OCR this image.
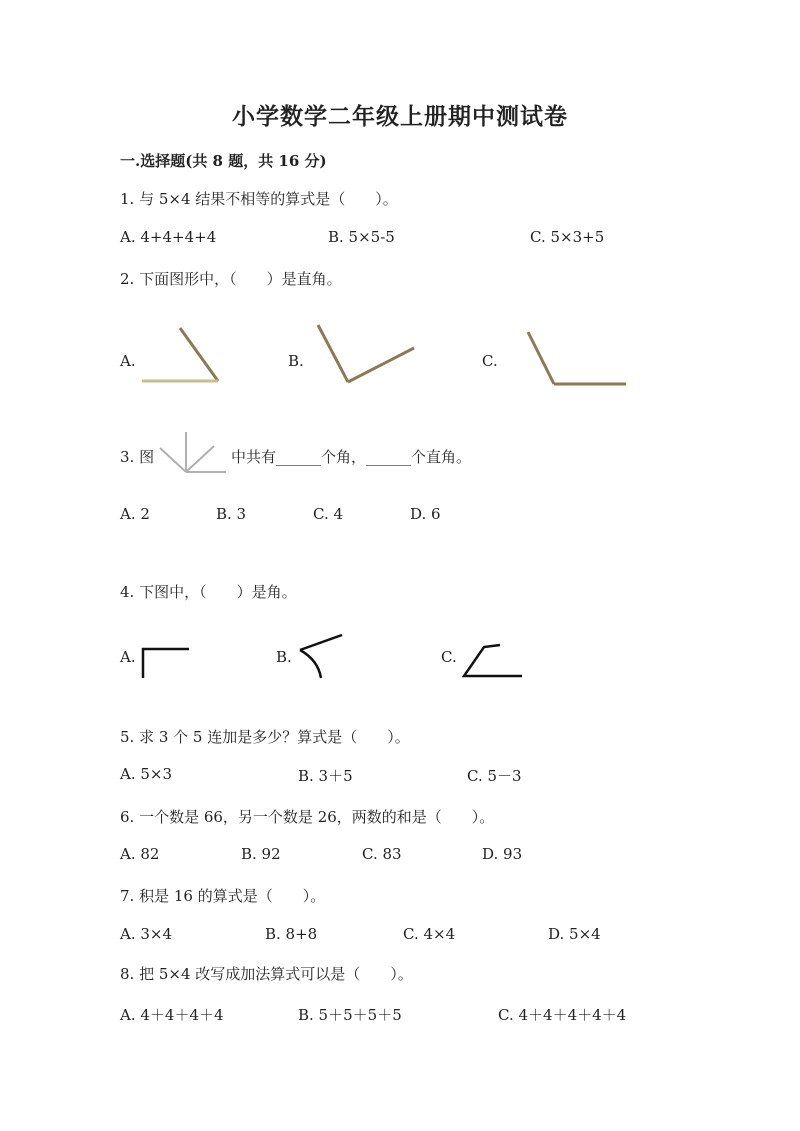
小学数学二年级上册期中测试卷
一.选择题(共 8 题，共 16 分)
1. 与 5×4 结果不相等的算式是（　　）。
A. 4+4+4+4	B. 5×5-5	C. 5×3+5
2. 下面图形中，（　　）是直角。
A.	B.	C.
3. 图	中共有______个角，______个直角。
A. 2	B. 3	C. 4	D. 6
4. 下图中，（　　）是角。
A.	B.	C.
5. 求 3 个 5 连加是多少？算式是（　　）。
A. 5×3	B. 3＋5	C. 5－3
6. 一个数是 66，另一个数是 26，两数的和是（　　）。
A. 82	B. 92	C. 83	D. 93
7. 积是 16 的算式是（　　）。
A. 3×4	B. 8+8	C. 4×4	D. 5×4
8. 把 5×4 改写成加法算式可以是（　　）。
A. 4＋4＋4＋4	B. 5＋5＋5＋5	C. 4＋4＋4＋4＋4
